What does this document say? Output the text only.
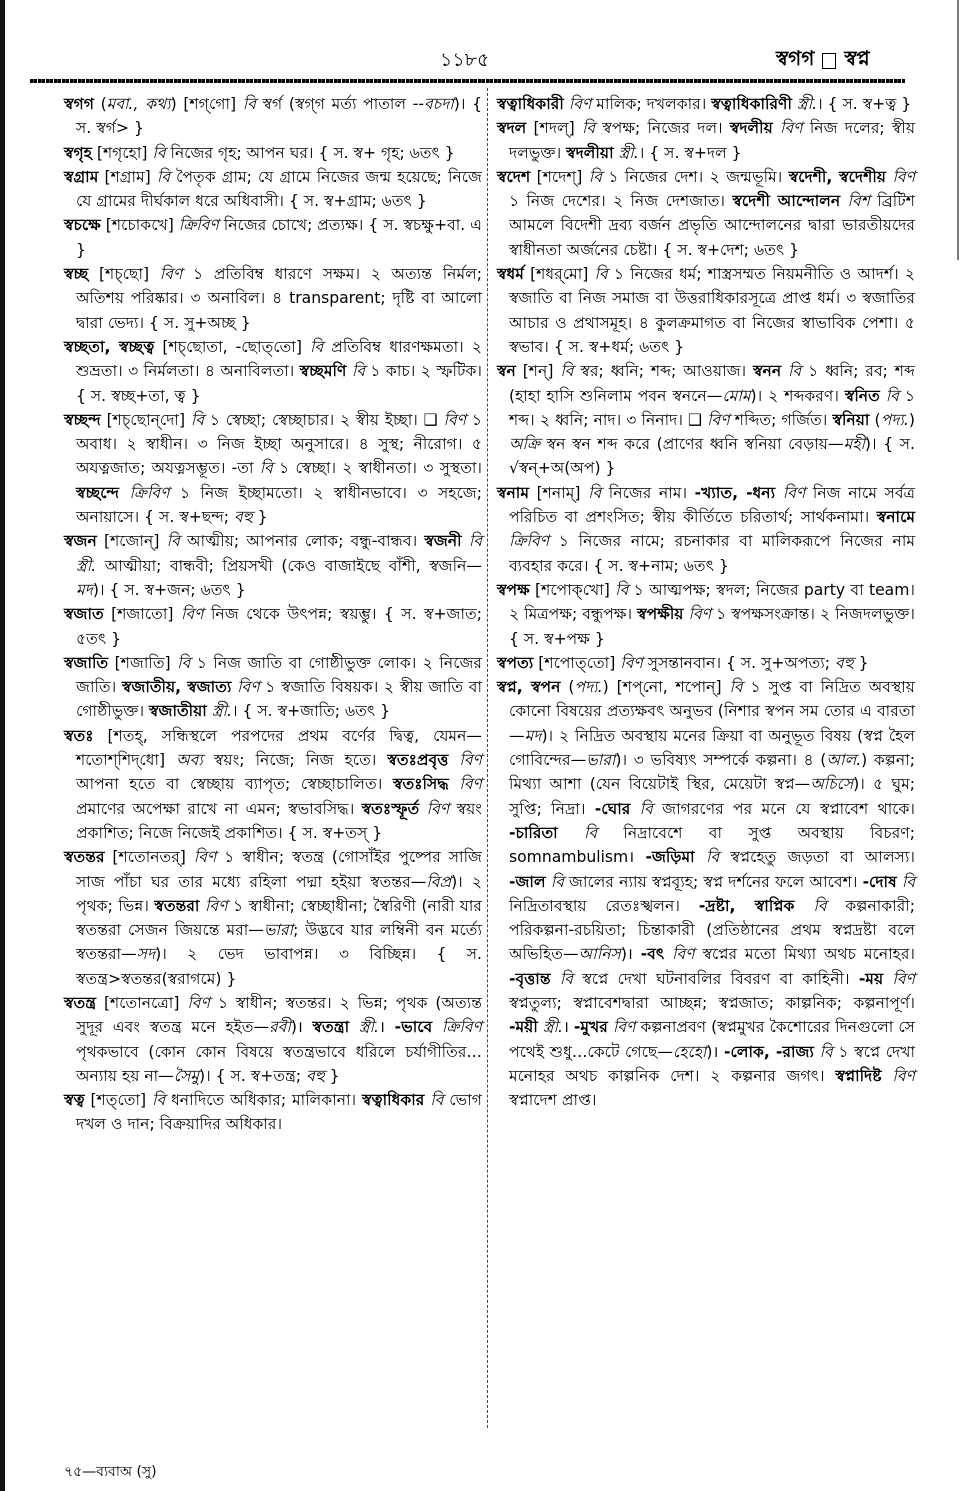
১১৮৫	স্বগগ স্বপ্ন

স্বগগ (মবা., কথ্য) [শগ্‌গো] বি স্বর্গ (স্বগ্‌গ মর্ত্য পাতাল --বচদা)। { স. স্বর্গ> }

স্বগৃহ [শগৃহো] বি নিজের গৃহ; আপন ঘর। { স. স্ব+ গৃহ; ৬তৎ }

স্বগ্রাম [শগ্রাম] বি পৈতৃক গ্রাম; যে গ্রামে নিজের জন্ম হয়েছে; নিজে যে গ্রামের দীর্ঘকাল ধরে অধিবাসী। { স. স্ব+গ্রাম; ৬তৎ }

স্বচক্ষে [শচোকখে] ক্রিবিণ নিজের চোখে; প্রত্যক্ষ। { স. স্বচক্ষু+বা. এ }

স্বচ্ছ [শচ্‌ছো] বিণ ১ প্রতিবিম্ব ধারণে সক্ষম। ২ অত্যন্ত নির্মল; অতিশয় পরিষ্কার। ৩ অনাবিল। ৪ transparent; দৃষ্টি বা আলো দ্বারা ভেদ্য। { স. সু+অচ্ছ }

স্বচ্ছতা, স্বচ্ছত্ব [শচ্‌ছোতা, -ছোত্‌তো] বি প্রতিবিম্ব ধারণক্ষমতা। ২ শুভ্রতা। ৩ নির্মলতা। ৪ অনাবিলতা। স্বচ্ছমণি বি ১ কাচ। ২ স্ফটিক। { স. স্বচ্ছ+তা, ত্ব }

স্বচ্ছন্দ [শচ্‌ছোন্‌দো] বি ১ স্বেচ্ছা; স্বেচ্ছাচার। ২ স্বীয় ইচ্ছা। ❑ বিণ ১ অবাধ। ২ স্বাধীন। ৩ নিজ ইচ্ছা অনুসারে। ৪ সুস্থ; নীরোগ। ৫ অযত্নজাত; অযত্নসম্ভূত। -তা বি ১ স্বেচ্ছা। ২ স্বাধীনতা। ৩ সুস্থতা। স্বচ্ছন্দে ক্রিবিণ ১ নিজ ইচ্ছামতো। ২ স্বাধীনভাবে। ৩ সহজে; অনায়াসে। { স. স্ব+ছন্দ; বহু }

স্বজন [শজোন্] বি আত্মীয়; আপনার লোক; বন্ধু-বান্ধব। স্বজনী বি স্ত্রী. আত্মীয়া; বান্ধবী; প্রিয়সখী (কেও বাজাইছে বাঁশী, স্বজনি—মদ)। { স. স্ব+জন; ৬তৎ }

স্বজাত [শজাতো] বিণ নিজ থেকে উৎপন্ন; স্বয়ম্ভু। { স. স্ব+জাত; ৫তৎ }

স্বজাতি [শজাতি] বি ১ নিজ জাতি বা গোষ্ঠীভুক্ত লোক। ২ নিজের জাতি। স্বজাতীয়, স্বজাত্য বিণ ১ স্বজাতি বিষয়ক। ২ স্বীয় জাতি বা গোষ্ঠীভুক্ত। স্বজাতীয়া স্ত্রী.। { স. স্ব+জাতি; ৬তৎ }

স্বতঃ [শতহ্, সন্ধিস্থলে পরপদের প্রথম বর্ণের দ্বিত্ব, যেমন—শতোশ্‌শিদ্‌ধো] অব্য স্বয়ং; নিজে; নিজ হতে। স্বতঃপ্রবৃত্ত বিণ আপনা হতে বা স্বেচ্ছায় ব্যাপৃত; স্বেচ্ছাচালিত। স্বতঃসিদ্ধ বিণ প্রমাণের অপেক্ষা রাখে না এমন; স্বভাবসিদ্ধ। স্বতঃস্ফূর্ত বিণ স্বয়ং প্রকাশিত; নিজে নিজেই প্রকাশিত। { স. স্ব+তস্ }

স্বতন্তর [শতোনতর্] বিণ ১ স্বাধীন; স্বতন্ত্র (গোসাঁইর পুষ্পের সাজি সাজ পাঁচা ঘর তার মধ্যে রহিলা পদ্মা হইয়া স্বতন্তর—বিপ্র)। ২ পৃথক; ভিন্ন। স্বতন্তরা বিণ ১ স্বাধীনা; স্বেচ্ছাধীনা; স্বৈরিণী (নারী যার স্বতন্তরা সেজন জিয়ন্তে মরা—ভারা; উদ্ভবে যার লম্বিনী বন মর্ত্যে স্বতন্তরা—সদ)। ২ ভেদ ভাবাপন্ন। ৩ বিচ্ছিন্ন। { স. স্বতন্ত্র>স্বতন্তর(স্বরাগমে) }

স্বতন্ত্র [শতোনত্রো] বিণ ১ স্বাধীন; স্বতন্তর। ২ ভিন্ন; পৃথক (অত্যন্ত সুদূর এবং স্বতন্ত্র মনে হইত—রবী)। স্বতন্ত্রা স্ত্রী.। -ভাবে ক্রিবিণ পৃথকভাবে (কোন কোন বিষয়ে স্বতন্ত্রভাবে ধরিলে চর্যাগীতির…অন্যায় হয় না—সৈমু)। { স. স্ব+তন্ত্র; বহু }

স্বত্ব [শত্‌তো] বি ধনাদিতে অধিকার; মালিকানা। স্বত্বাধিকার বি ভোগ দখল ও দান; বিক্রয়াদির অধিকার।

স্বত্বাধিকারী বিণ মালিক; দখলকার। স্বত্বাধিকারিণী স্ত্রী.। { স. স্ব+ত্ব }

স্বদল [শদল্] বি স্বপক্ষ; নিজের দল। স্বদলীয় বিণ নিজ দলের; স্বীয় দলভুক্ত। স্বদলীয়া স্ত্রী.। { স. স্ব+দল }

স্বদেশ [শদেশ্] বি ১ নিজের দেশ। ২ জন্মভূমি। স্বদেশী, স্বদেশীয় বিণ ১ নিজ দেশের। ২ নিজ দেশজাত। স্বদেশী আন্দোলন বিশ ব্রিটিশ আমলে বিদেশী দ্রব্য বর্জন প্রভৃতি আন্দোলনের দ্বারা ভারতীয়দের স্বাধীনতা অর্জনের চেষ্টা। { স. স্ব+দেশ; ৬তৎ }

স্বধর্ম [শধর্‌মো] বি ১ নিজের ধর্ম; শাস্ত্রসম্মত নিয়মনীতি ও আদর্শ। ২ স্বজাতি বা নিজ সমাজ বা উত্তরাধিকারসূত্রে প্রাপ্ত ধর্ম। ৩ স্বজাতির আচার ও প্রথাসমূহ। ৪ কুলক্রমাগত বা নিজের স্বাভাবিক পেশা। ৫ স্বভাব। { স. স্ব+ধর্ম; ৬তৎ }

স্বন [শন্] বি স্বর; ধ্বনি; শব্দ; আওয়াজ। স্বনন বি ১ ধ্বনি; রব; শব্দ (হাহা হাসি শুনিলাম পবন স্বননে—মোম)। ২ শব্দকরণ। স্বনিত বি ১ শব্দ। ২ ধ্বনি; নাদ। ৩ নিনাদ। ❑ বিণ শব্দিত; গর্জিত। স্বনিয়া (পদ্য.) অক্রি স্বন স্বন শব্দ করে (প্রাণের ধ্বনি স্বনিয়া বেড়ায়—মহী)। { স. √স্বন্+অ(অপ) }

স্বনাম [শনাম্] বি নিজের নাম। -খ্যাত, -ধন্য বিণ নিজ নামে সর্বত্র পরিচিত বা প্রশংসিত; স্বীয় কীর্তিতে চরিতার্থ; সার্থকনামা। স্বনামে ক্রিবিণ ১ নিজের নামে; রচনাকার বা মালিকরূপে নিজের নাম ব্যবহার করে। { স. স্ব+নাম; ৬তৎ }

স্বপক্ষ [শপোক্‌খো] বি ১ আত্মপক্ষ; স্বদল; নিজের party বা team। ২ মিত্রপক্ষ; বন্ধুপক্ষ। স্বপক্ষীয় বিণ ১ স্বপক্ষসংক্রান্ত। ২ নিজদলভুক্ত। { স. স্ব+পক্ষ }

স্বপত্য [শপোত্‌তো] বিণ সুসন্তানবান। { স. সু+অপত্য; বহু }

স্বপ্ন, স্বপন (পদ্য.) [শপ্‌নো, শপোন্] বি ১ সুপ্ত বা নিদ্রিত অবস্থায় কোনো বিষয়ের প্রত্যক্ষবৎ অনুভব (নিশার স্বপন সম তোর এ বারতা—মদ)। ২ নিদ্রিত অবস্থায় মনের ক্রিয়া বা অনুভূত বিষয় (স্বপ্ন হৈল গোবিন্দের—ভারা)। ৩ ভবিষ্যৎ সম্পর্কে কল্পনা। ৪ (আল.) কল্পনা; মিথ্যা আশা (যেন বিয়েটাই স্থির, মেয়েটা স্বপ্ন—অচিসে)। ৫ ঘুম; সুপ্তি; নিদ্রা। -ঘোর বি জাগরণের পর মনে যে স্বপ্নাবেশ থাকে। -চারিতা বি নিদ্রাবেশে বা সুপ্ত অবস্থায় বিচরণ; somnambulism। -জড়িমা বি স্বপ্নহেতু জড়তা বা আলস্য। -জাল বি জালের ন্যায় স্বপ্নব্যূহ; স্বপ্ন দর্শনের ফলে আবেশ। -দোষ বি নিদ্রিতাবস্থায় রেতঃস্খলন। -দ্রষ্টা, স্বাপ্নিক বি কল্পনাকারী; পরিকল্পনা-রচয়িতা; চিন্তাকারী (প্রতিষ্ঠানের প্রথম স্বপ্নদ্রষ্টা বলে অভিহিত—আনিস)। -বৎ বিণ স্বপ্নের মতো মিথ্যা অথচ মনোহর। -বৃত্তান্ত বি স্বপ্নে দেখা ঘটনাবলির বিবরণ বা কাহিনী। -ময় বিণ স্বপ্নতুল্য; স্বপ্নাবেশদ্বারা আচ্ছন্ন; স্বপ্নজাত; কাল্পনিক; কল্পনাপূর্ণ। -ময়ী স্ত্রী.। -মুখর বিণ কল্পনাপ্রবণ (স্বপ্নমুখর কৈশোরের দিনগুলো সে পথেই শুধু…কেটে গেছে—হেহো)। -লোক, -রাজ্য বি ১ স্বপ্নে দেখা মনোহর অথচ কাল্পনিক দেশ। ২ কল্পনার জগৎ। স্বপ্নাদিষ্ট বিণ স্বপ্নাদেশ প্রাপ্ত।

৭৫—ব্যবাঅ (সু)
